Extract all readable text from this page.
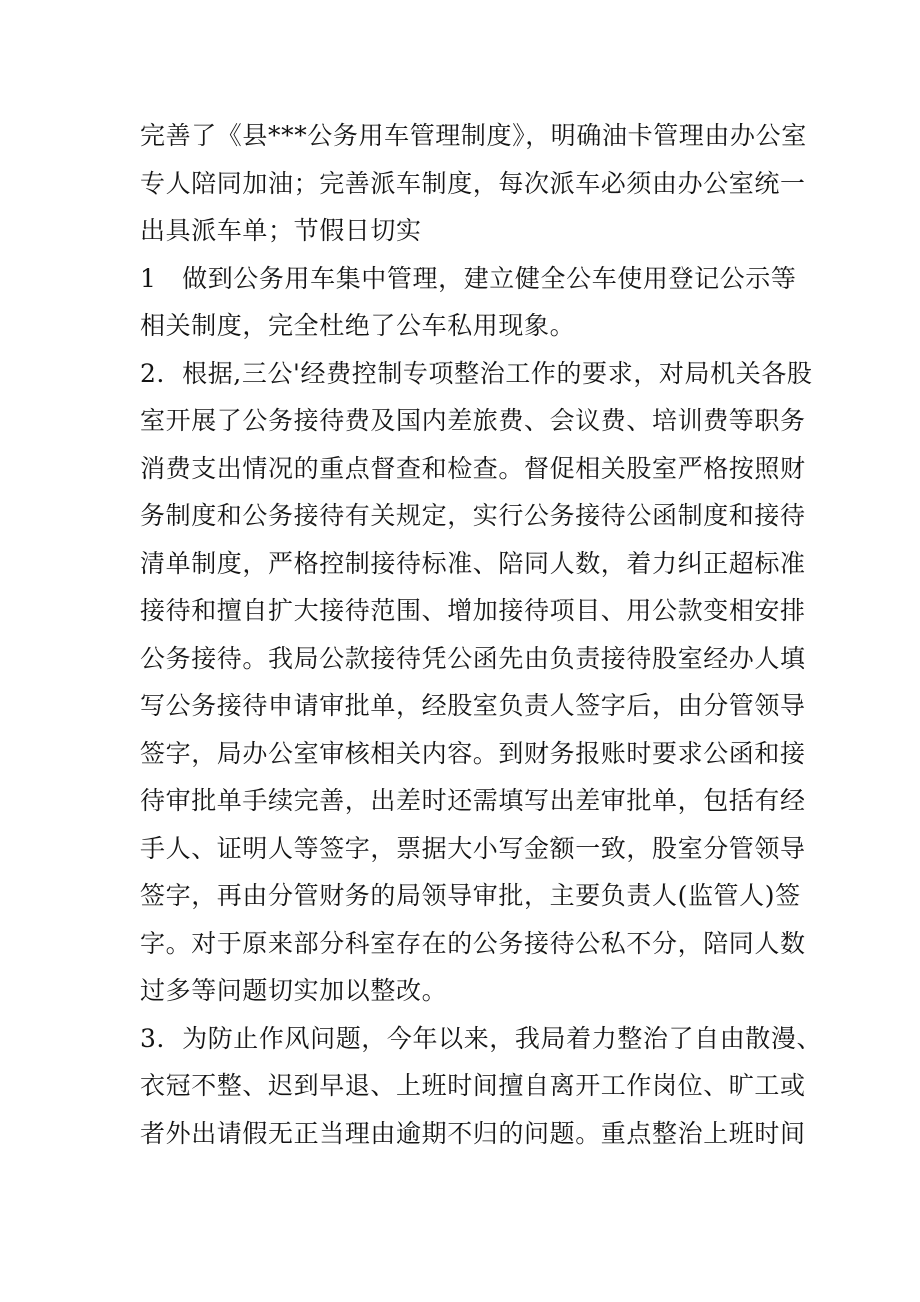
完善了《县***公务用车管理制度》，明确油卡管理由办公室
专人陪同加油；完善派车制度，每次派车必须由办公室统一
出具派车单；节假日切实
1　做到公务用车集中管理，建立健全公车使用登记公示等
相关制度，完全杜绝了公车私用现象。
2．根据,三公'经费控制专项整治工作的要求，对局机关各股
室开展了公务接待费及国内差旅费、会议费、培训费等职务
消费支出情况的重点督查和检查。督促相关股室严格按照财
务制度和公务接待有关规定，实行公务接待公函制度和接待
清单制度，严格控制接待标准、陪同人数，着力纠正超标准
接待和擅自扩大接待范围、增加接待项目、用公款变相安排
公务接待。我局公款接待凭公函先由负责接待股室经办人填
写公务接待申请审批单，经股室负责人签字后，由分管领导
签字，局办公室审核相关内容。到财务报账时要求公函和接
待审批单手续完善，出差时还需填写出差审批单，包括有经
手人、证明人等签字，票据大小写金额一致，股室分管领导
签字，再由分管财务的局领导审批，主要负责人(监管人)签
字。对于原来部分科室存在的公务接待公私不分，陪同人数
过多等问题切实加以整改。
3．为防止作风问题，今年以来，我局着力整治了自由散漫、
衣冠不整、迟到早退、上班时间擅自离开工作岗位、旷工或
者外出请假无正当理由逾期不归的问题。重点整治上班时间
